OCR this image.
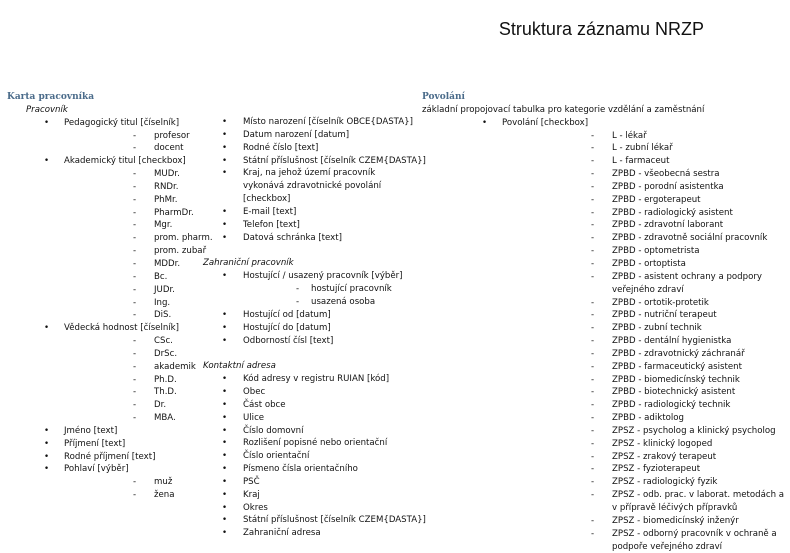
Struktura záznamu NRZP
Karta pracovníka
Pracovník
• Pedagogický titul [číselník]
- profesor
- docent
• Akademický titul [checkbox]
- MUDr.
- RNDr.
- PhMr.
- PharmDr.
- Mgr.
- prom. pharm.
- prom. zubař
- MDDr.
- Bc.
- JUDr.
- Ing.
- DiS.
• Vědecká hodnost [číselník]
- CSc.
- DrSc.
- akademik
- Ph.D.
- Th.D.
- Dr.
- MBA.
• Jméno [text]
• Příjmení [text]
• Rodné příjmení [text]
• Pohlaví [výběr]
- muž
- žena
• Místo narození [číselník OBCE{DASTA}]
• Datum narození [datum]
• Rodné číslo [text]
• Státní příslušnost [číselník CZEM{DASTA}]
• Kraj, na jehož území pracovník vykonává zdravotnické povolání [checkbox]
• E-mail [text]
• Telefon [text]
• Datová schránka [text]
Zahraniční pracovník
• Hostující / usazený pracovník [výběr]
- hostující pracovník
- usazená osoba
• Hostující od [datum]
• Hostující do [datum]
• Odborností čísl [text]
Kontaktní adresa
• Kód adresy v registru RUIAN [kód]
• Obec
• Část obce
• Ulice
• Číslo domovní
• Rozlišení popisné nebo orientační
• Číslo orientační
• Písmeno čísla orientačního
• PSČ
• Kraj
• Okres
• Státní příslušnost [číselník CZEM{DASTA}]
• Zahraniční adresa
Povolání
základní propojovací tabulka pro kategorie vzdělání a zaměstnání
• Povolání [checkbox]
- L - lékař
- L - zubní lékař
- L - farmaceut
- ZPBD - všeobecná sestra
- ZPBD - porodní asistentka
- ZPBD - ergoterapeut
- ZPBD - radiologický asistent
- ZPBD - zdravotní laborant
- ZPBD - zdravotně sociální pracovník
- ZPBD - optometrista
- ZPBD - ortoptista
- ZPBD - asistent ochrany a podpory veřejného zdraví
- ZPBD - ortotik-protetik
- ZPBD - nutriční terapeut
- ZPBD - zubní technik
- ZPBD - dentální hygienistka
- ZPBD - zdravotnický záchranář
- ZPBD - farmaceutický asistent
- ZPBD - biomedicínský technik
- ZPBD - biotechnický asistent
- ZPBD - radiologický technik
- ZPBD - adiktolog
- ZPSZ - psycholog a klinický psycholog
- ZPSZ - klinický logoped
- ZPSZ - zrakový terapeut
- ZPSZ - fyzioterapeut
- ZPSZ - radiologický fyzik
- ZPSZ - odb. prac. v laborat. metodách a v přípravě léčivých přípravků
- ZPSZ - biomedicínský inženýr
- ZPSZ - odborný pracovník v ochraně a podpoře veřejného zdraví
